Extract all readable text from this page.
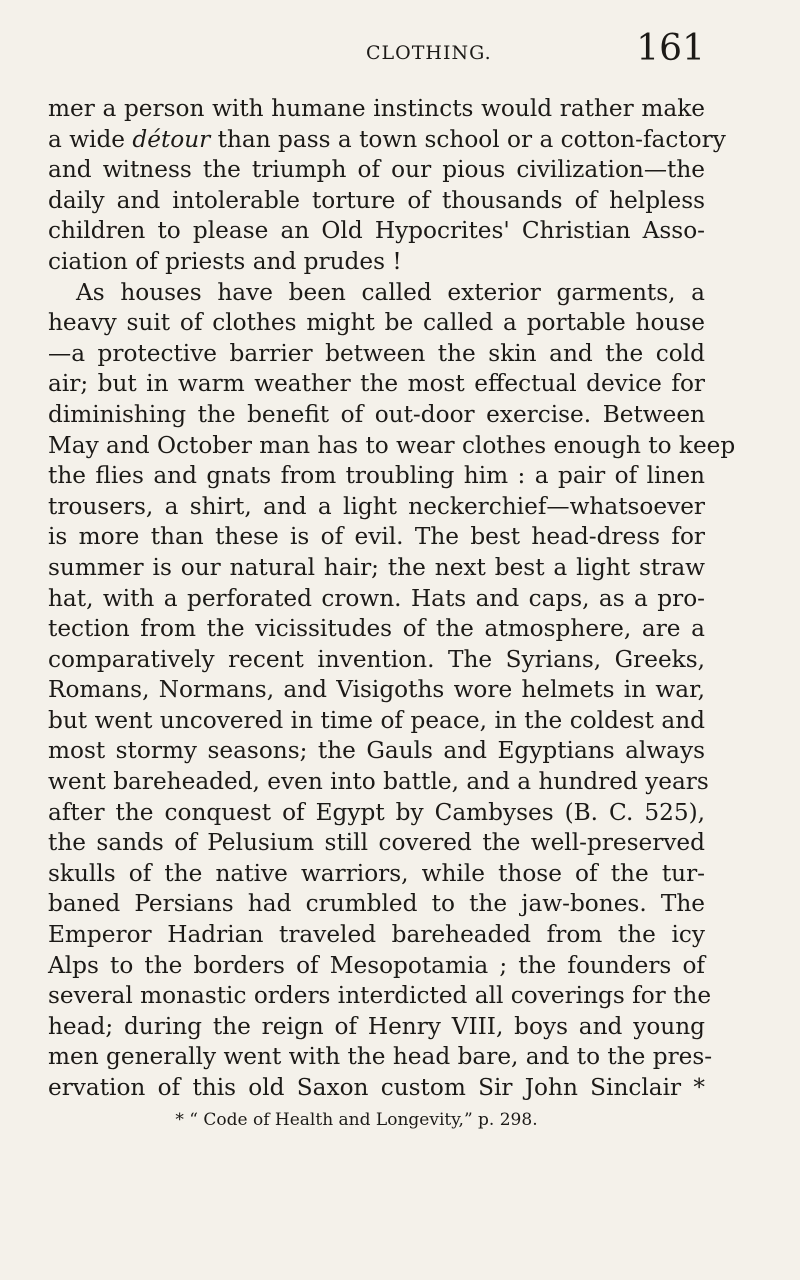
CLOTHING.	161
mer a person with humane instincts would rather make
a wide détour than pass a town school or a cotton-factory
and witness the triumph of our pious civilization—the
daily and intolerable torture of thousands of helpless
children to please an Old Hypocrites' Christian Asso-
ciation of priests and prudes !
As houses have been called exterior garments, a
heavy suit of clothes might be called a portable house
—a protective barrier between the skin and the cold
air; but in warm weather the most effectual device for
diminishing the benefit of out-door exercise. Between
May and October man has to wear clothes enough to keep
the flies and gnats from troubling him : a pair of linen
trousers, a shirt, and a light neckerchief—whatsoever
is more than these is of evil. The best head-dress for
summer is our natural hair; the next best a light straw
hat, with a perforated crown. Hats and caps, as a pro-
tection from the vicissitudes of the atmosphere, are a
comparatively recent invention. The Syrians, Greeks,
Romans, Normans, and Visigoths wore helmets in war,
but went uncovered in time of peace, in the coldest and
most stormy seasons; the Gauls and Egyptians always
went bareheaded, even into battle, and a hundred years
after the conquest of Egypt by Cambyses (B. C. 525),
the sands of Pelusium still covered the well-preserved
skulls of the native warriors, while those of the tur-
baned Persians had crumbled to the jaw-bones. The
Emperor Hadrian traveled bareheaded from the icy
Alps to the borders of Mesopotamia ; the founders of
several monastic orders interdicted all coverings for the
head; during the reign of Henry VIII, boys and young
men generally went with the head bare, and to the pres-
ervation of this old Saxon custom Sir John Sinclair *
* “ Code of Health and Longevity,” p. 298.
